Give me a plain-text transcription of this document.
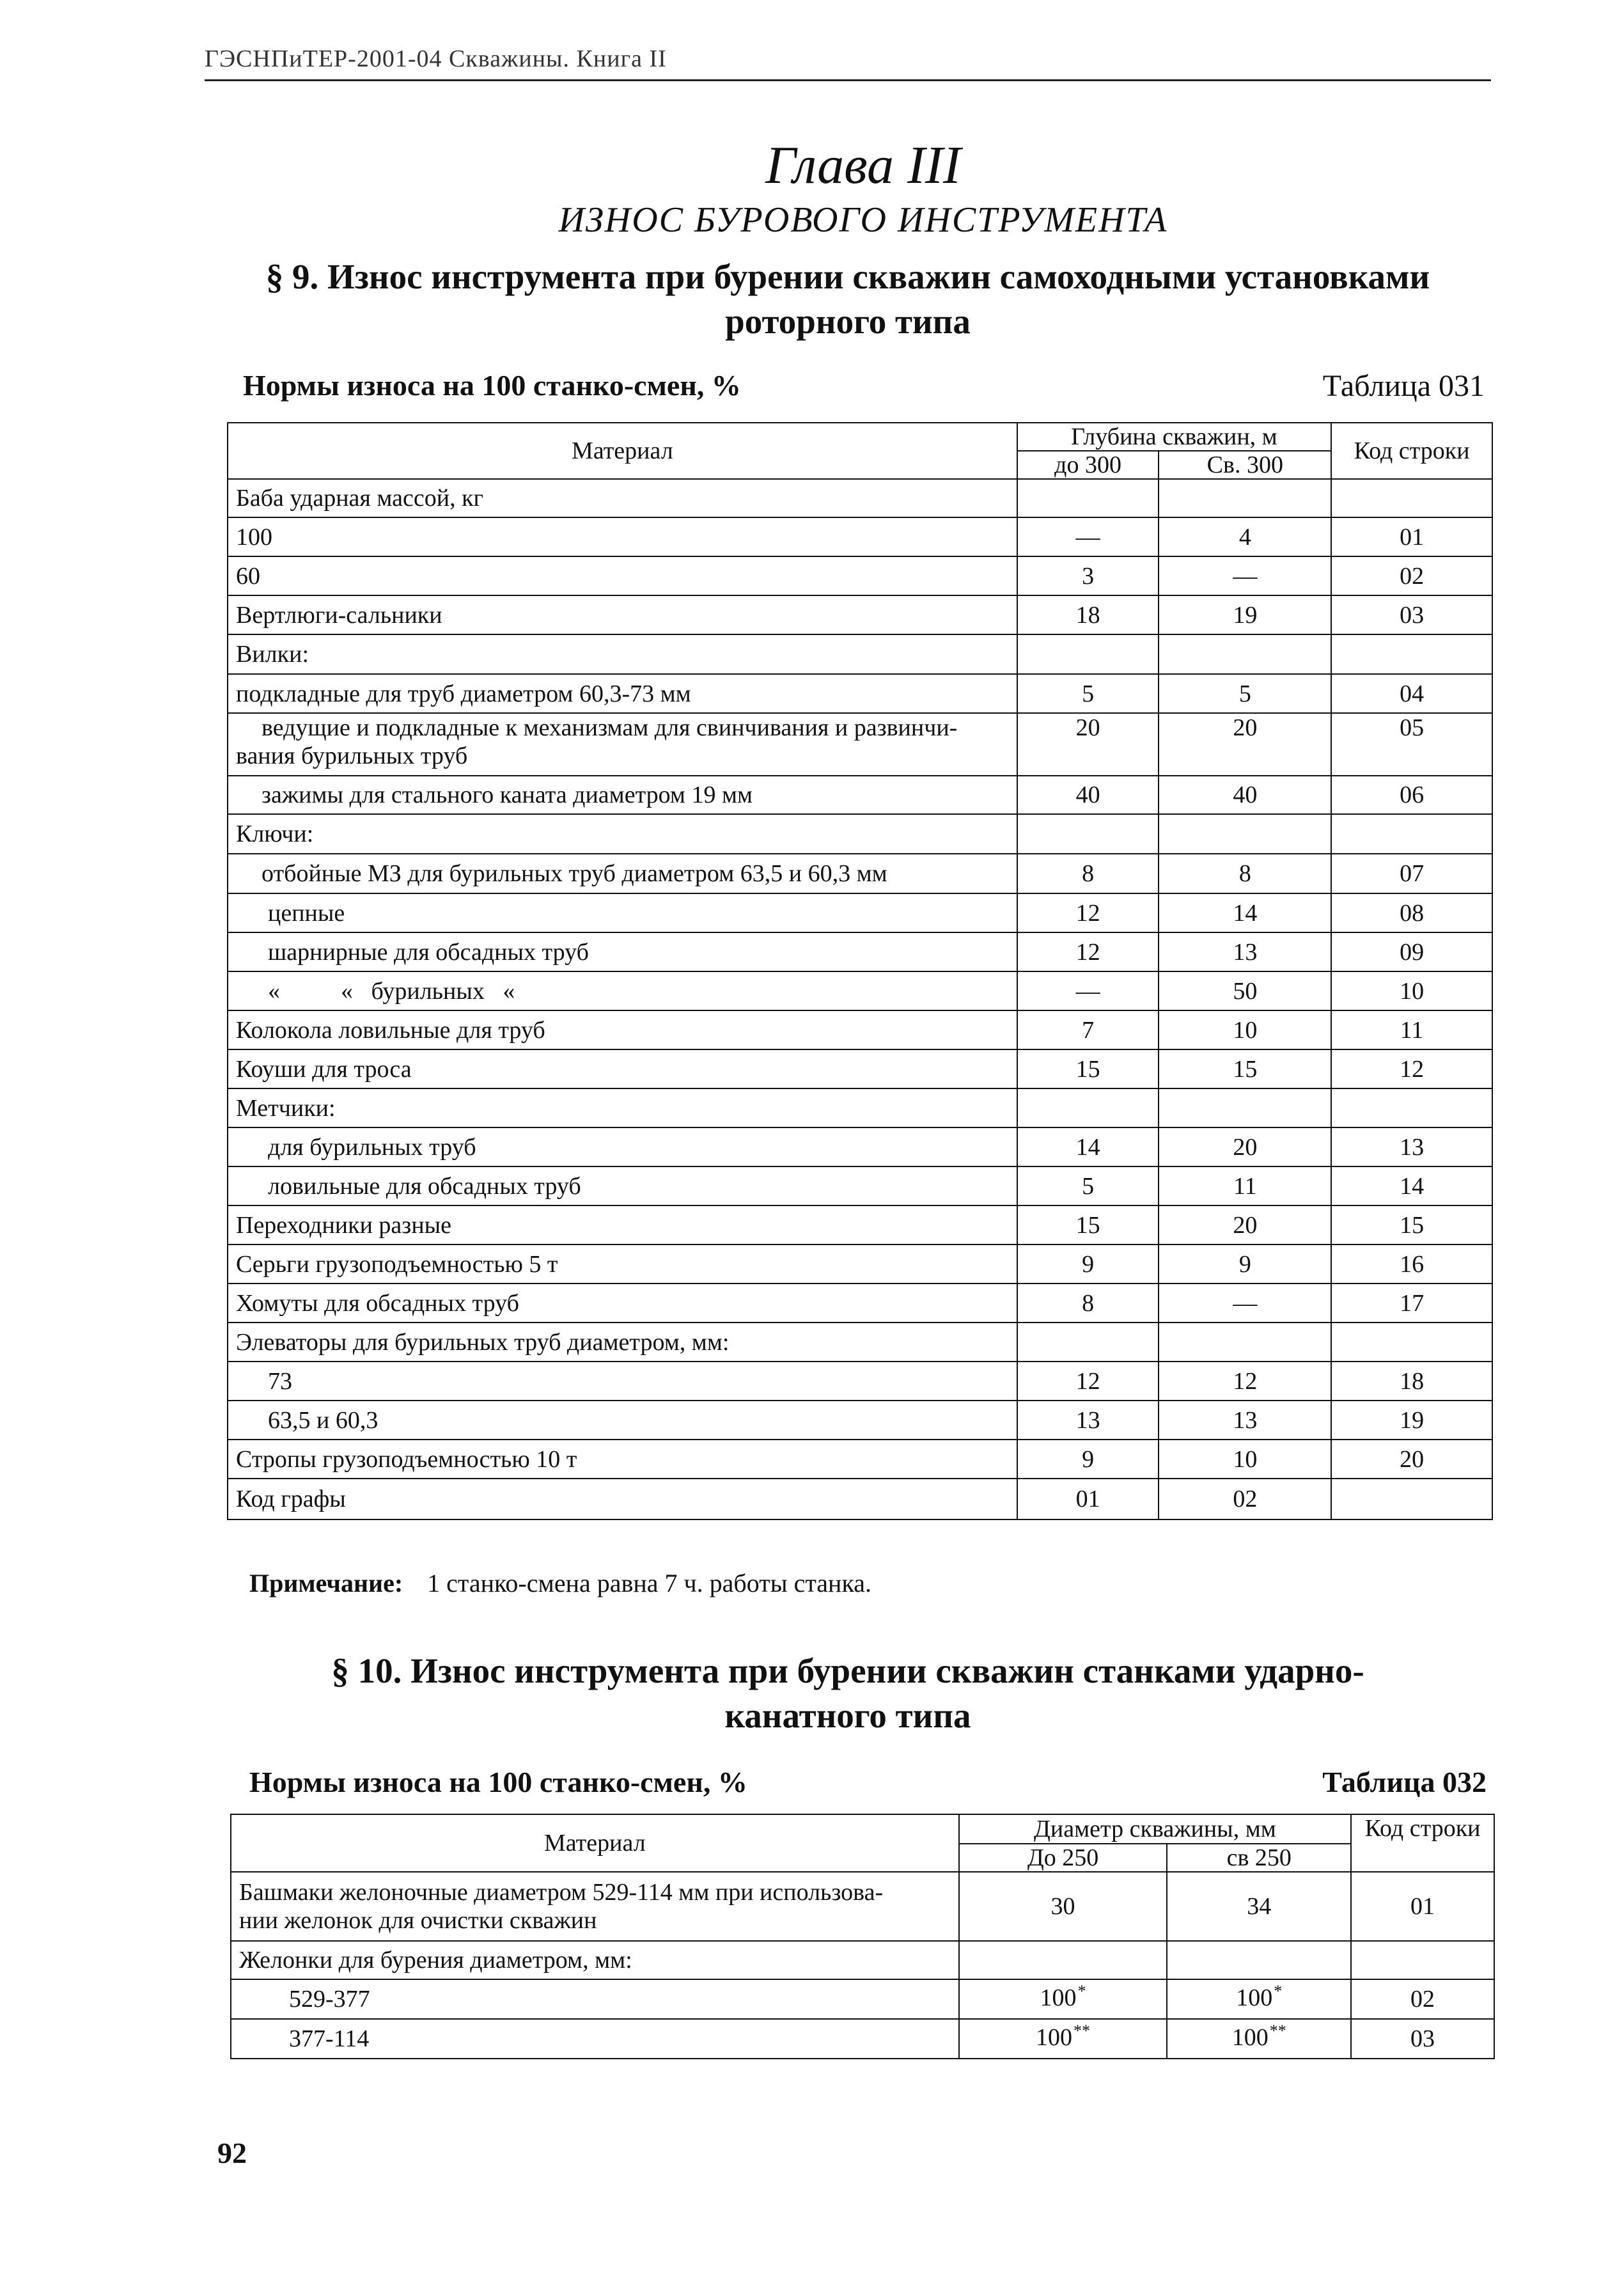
ГЭСНПиТЕР-2001-04 Скважины. Книга II
Глава III
ИЗНОС БУРОВОГО ИНСТРУМЕНТА
§ 9. Износ инструмента при бурении скважин самоходными установками
роторного типа
Нормы износа на 100 станко-смен, %	Таблица 031
Материал	Глубина скважин, м		Код строки
	до 300	Св. 300	
Баба ударная массой, кг			
100	—	4	01
60	3	—	02
Вертлюги-сальники	18	19	03
Вилки:			
подкладные для труб диаметром 60,3-73 мм	5	5	04

ведущие и подкладные к механизмам для свинчивания и развинчи-
вания бурильных труб	20	20	05
зажимы для стального каната диаметром 19 мм	40	40	06
Ключи:			
отбойные МЗ для бурильных труб диаметром 63,5 и 60,3 мм	8	8	07
цепные	12	14	08
шарнирные для обсадных труб	12	13	09
«          «   бурильных   «	—	50	10
Колокола ловильные для труб	7	10	11
Коуши для троса	15	15	12
Метчики:			
для бурильных труб	14	20	13
ловильные для обсадных труб	5	11	14
Переходники разные	15	20	15
Серьги грузоподъемностью 5 т	9	9	16
Хомуты для обсадных труб	8	—	17
Элеваторы для бурильных труб диаметром, мм:			
73	12	12	18
63,5 и 60,3	13	13	19
Стропы грузоподъемностью 10 т	9	10	20
Код графы	01	02	
Примечание: 1 станко-смена равна 7 ч. работы станка.
§ 10. Износ инструмента при бурении скважин станками ударно-
канатного типа
Нормы износа на 100 станко-смен, %	Таблица 032
Материал	Диаметр скважины, мм		Код строки
	До 250	св 250	

Башмаки желоночные диаметром 529-114 мм при использова-
нии желонок для очистки скважин	30	34	01
Желонки для бурения диаметром, мм:			
529-377	100*	100*	02
377-114	100**	100**	03
92
